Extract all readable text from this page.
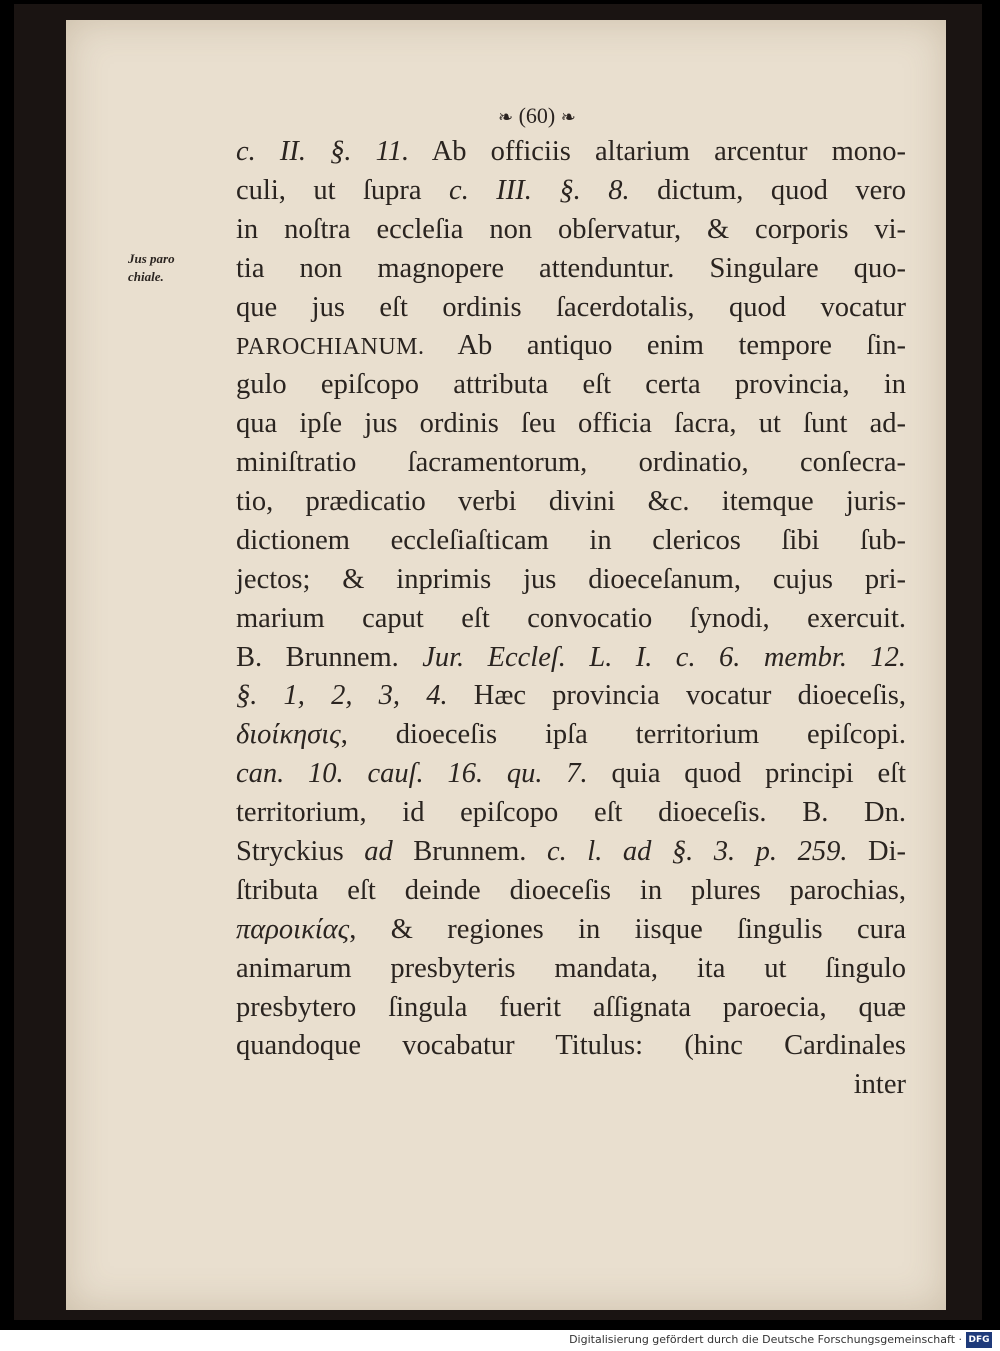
❧ (60) ❧
Jus paro
chiale.
c. II. §. 11. Ab officiis altarium arcentur mono-
culi, ut ſupra c. III. §. 8. dictum, quod vero
in noſtra eccleſia non obſervatur, & corporis vi-
tia non magnopere attenduntur. Singulare quo-
que jus eſt ordinis ſacerdotalis, quod vocatur
PAROCHIANUM. Ab antiquo enim tempore ſin-
gulo epiſcopo attributa eſt certa provincia, in
qua ipſe jus ordinis ſeu officia ſacra, ut ſunt ad-
miniſtratio ſacramentorum, ordinatio, conſecra-
tio, prædicatio verbi divini &c. itemque juris-
dictionem eccleſiaſticam in clericos ſibi ſub-
jectos; & inprimis jus dioeceſanum, cujus pri-
marium caput eſt convocatio ſynodi, exercuit.
B. Brunnem. Jur. Eccleſ. L. I. c. 6. membr. 12.
§. 1, 2, 3, 4. Hæc provincia vocatur dioeceſis,
διοίκησις, dioeceſis ipſa territorium epiſcopi.
can. 10. cauſ. 16. qu. 7. quia quod principi eſt
territorium, id epiſcopo eſt dioeceſis. B. Dn.
Stryckius ad Brunnem. c. l. ad §. 3. p. 259. Di-
ſtributa eſt deinde dioeceſis in plures parochias,
παροικίας, & regiones in iisque ſingulis cura
animarum presbyteris mandata, ita ut ſingulo
presbytero ſingula fuerit aſſignata paroecia, quæ
quandoque vocabatur Titulus: (hinc Cardinales
inter
Digitalisierung gefördert durch die Deutsche Forschungsgemeinschaft · DFG
